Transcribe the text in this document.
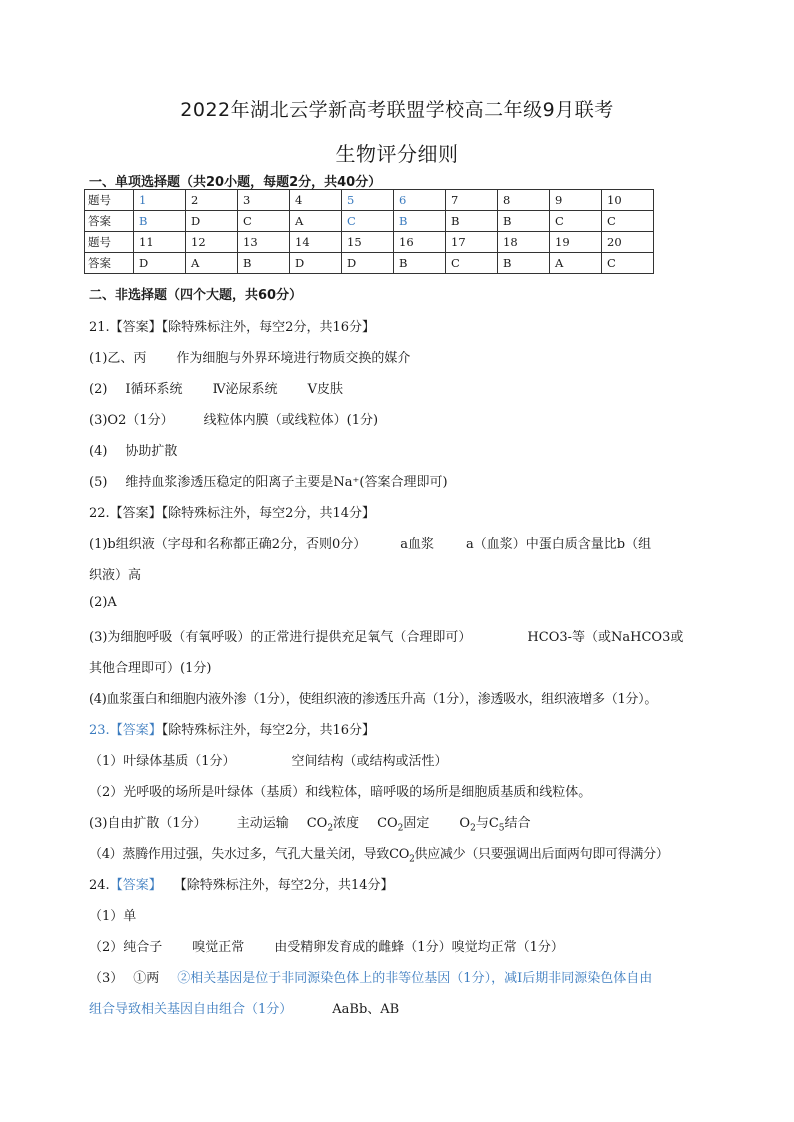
2022年湖北云学新高考联盟学校高二年级9月联考
生物评分细则
一、单项选择题（共20小题，每题2分，共40分）
题号	1	2	3	4	5	6	7	8	9	10
答案	B	D	C	A	C	B	B	B	C	C
题号	11	12	13	14	15	16	17	18	19	20
答案	D	A	B	D	D	B	C	B	A	C
二、非选择题（四个大题，共60分）
21.【答案】【除特殊标注外，每空2分，共16分】
(1)乙、丙 作为细胞与外界环境进行物质交换的媒介
(2) Ⅰ循环系统 Ⅳ泌尿系统 Ⅴ皮肤
(3)O2（1分） 线粒体内膜（或线粒体）(1分)
(4) 协助扩散
(5) 维持血浆渗透压稳定的阳离子主要是Na⁺(答案合理即可)
22.【答案】【除特殊标注外，每空2分，共14分】
(1)b组织液（字母和名称都正确2分，否则0分）	a血浆 a（血浆）中蛋白质含量比b（组
织液）高
(2)A
(3)为细胞呼吸（有氧呼吸）的正常进行提供充足氧气（合理即可）	HCO3-等（或NaHCO3或
其他合理即可）(1分)
(4)血浆蛋白和细胞内液外渗（1分），使组织液的渗透压升高（1分），渗透吸水，组织液增多（1分）。
23.【答案】【除特殊标注外，每空2分，共16分】
（1）叶绿体基质（1分）	空间结构（或结构或活性）
（2）光呼吸的场所是叶绿体（基质）和线粒体，暗呼吸的场所是细胞质基质和线粒体。
(3)自由扩散（1分） 主动运输 $CO_2$浓度 $CO_2$固定 $O_2$与$C_5$结合
（4）蒸腾作用过强，失水过多，气孔大量关闭，导致$CO_2$供应减少（只要强调出后面两句即可得满分）
24.【答案】 【除特殊标注外，每空2分，共14分】
（1）单
（2）纯合子 嗅觉正常 由受精卵发育成的雌蜂（1分）嗅觉均正常（1分）
（3） ①两 ②相关基因是位于非同源染色体上的非等位基因（1分），减Ⅰ后期非同源染色体自由
组合导致相关基因自由组合（1分）	AaBb、AB
